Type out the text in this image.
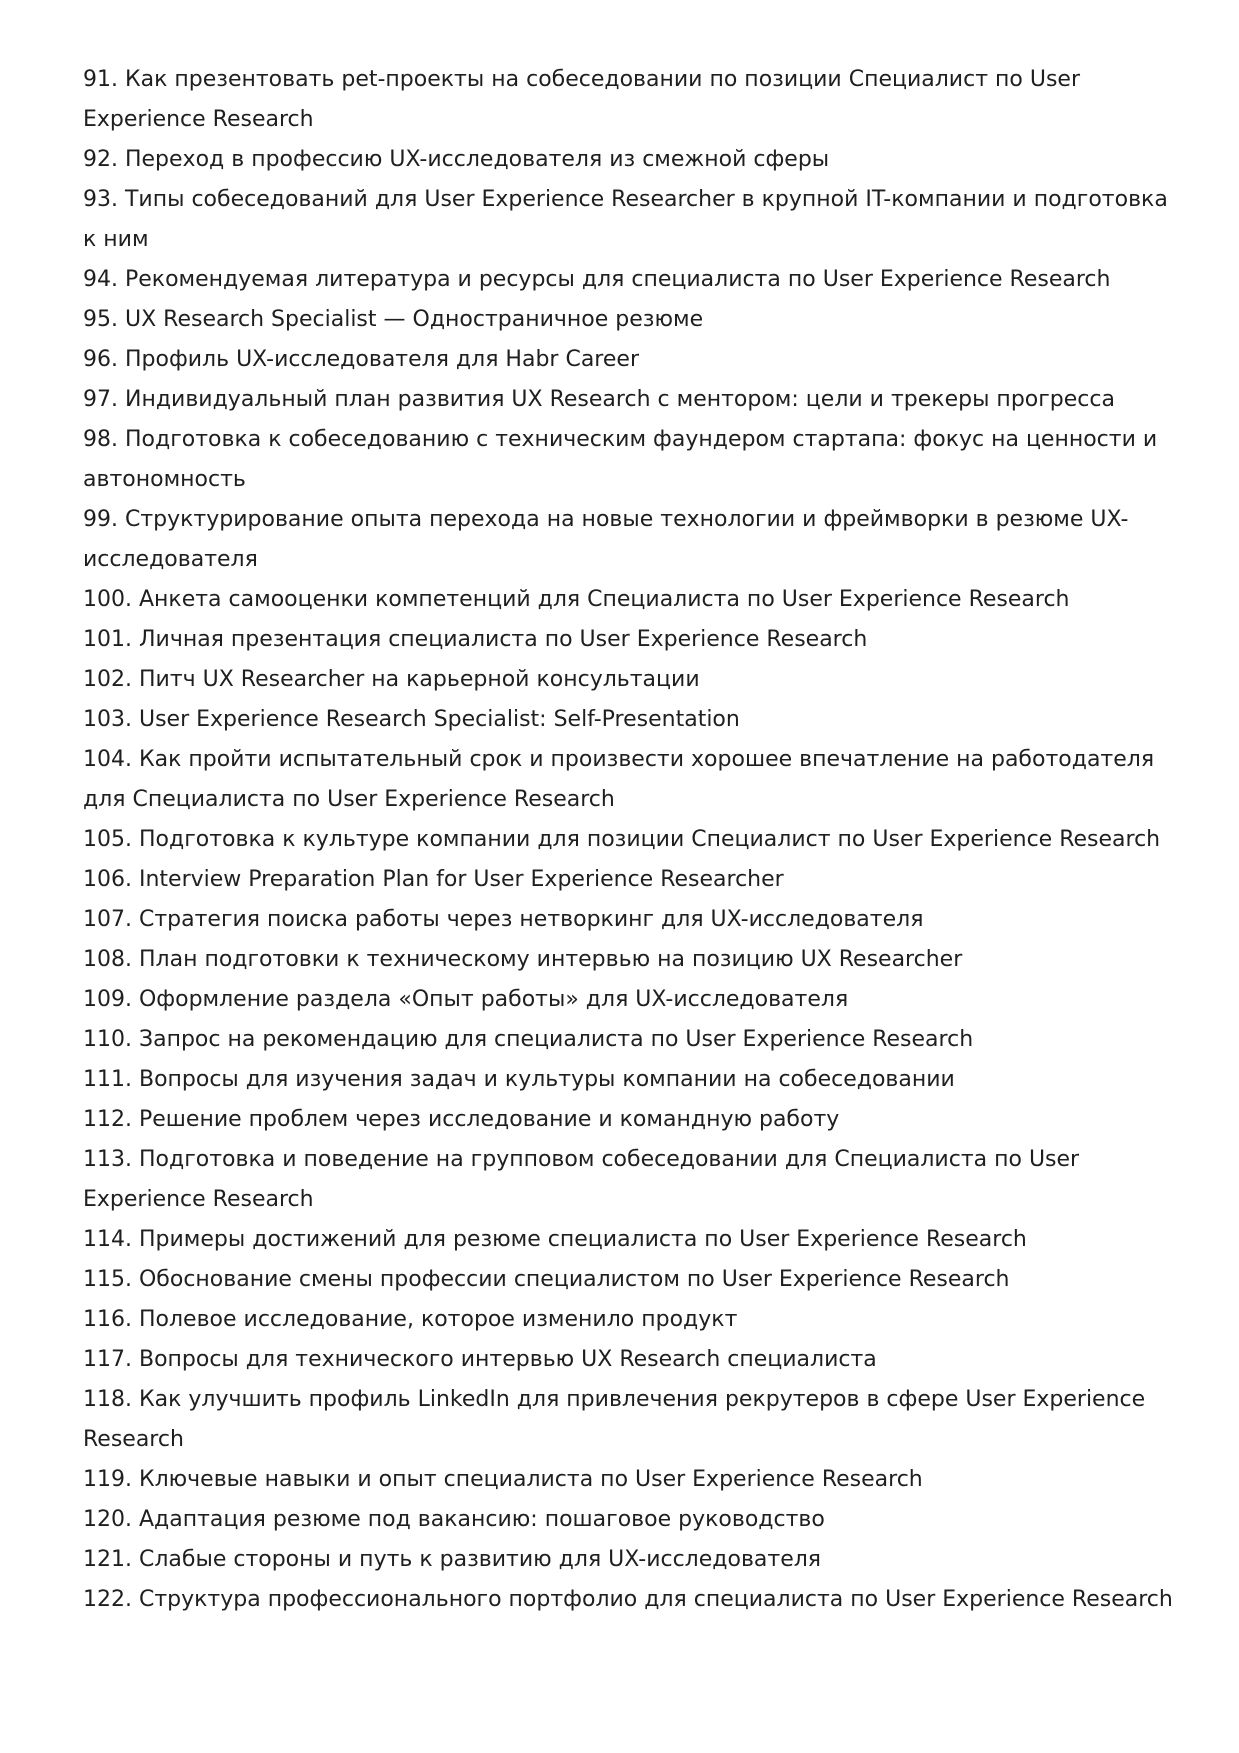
91. Как презентовать pet-проекты на собеседовании по позиции Специалист по User Experience Research

92. Переход в профессию UX-исследователя из смежной сферы

93. Типы собеседований для User Experience Researcher в крупной IT-компании и подготовка к ним

94. Рекомендуемая литература и ресурсы для специалиста по User Experience Research

95. UX Research Specialist — Одностраничное резюме

96. Профиль UX-исследователя для Habr Career

97. Индивидуальный план развития UX Research с ментором: цели и трекеры прогресса

98. Подготовка к собеседованию с техническим фаундером стартапа: фокус на ценности и автономность

99. Структурирование опыта перехода на новые технологии и фреймворки в резюме UX-исследователя

100. Анкета самооценки компетенций для Специалиста по User Experience Research

101. Личная презентация специалиста по User Experience Research

102. Питч UX Researcher на карьерной консультации

103. User Experience Research Specialist: Self-Presentation

104. Как пройти испытательный срок и произвести хорошее впечатление на работодателя для Специалиста по User Experience Research

105. Подготовка к культуре компании для позиции Специалист по User Experience Research

106. Interview Preparation Plan for User Experience Researcher

107. Стратегия поиска работы через нетворкинг для UX-исследователя

108. План подготовки к техническому интервью на позицию UX Researcher

109. Оформление раздела «Опыт работы» для UX-исследователя

110. Запрос на рекомендацию для специалиста по User Experience Research

111. Вопросы для изучения задач и культуры компании на собеседовании

112. Решение проблем через исследование и командную работу

113. Подготовка и поведение на групповом собеседовании для Специалиста по User Experience Research

114. Примеры достижений для резюме специалиста по User Experience Research

115. Обоснование смены профессии специалистом по User Experience Research

116. Полевое исследование, которое изменило продукт

117. Вопросы для технического интервью UX Research специалиста

118. Как улучшить профиль LinkedIn для привлечения рекрутеров в сфере User Experience Research

119. Ключевые навыки и опыт специалиста по User Experience Research

120. Адаптация резюме под вакансию: пошаговое руководство

121. Слабые стороны и путь к развитию для UX-исследователя

122. Структура профессионального портфолио для специалиста по User Experience Research
